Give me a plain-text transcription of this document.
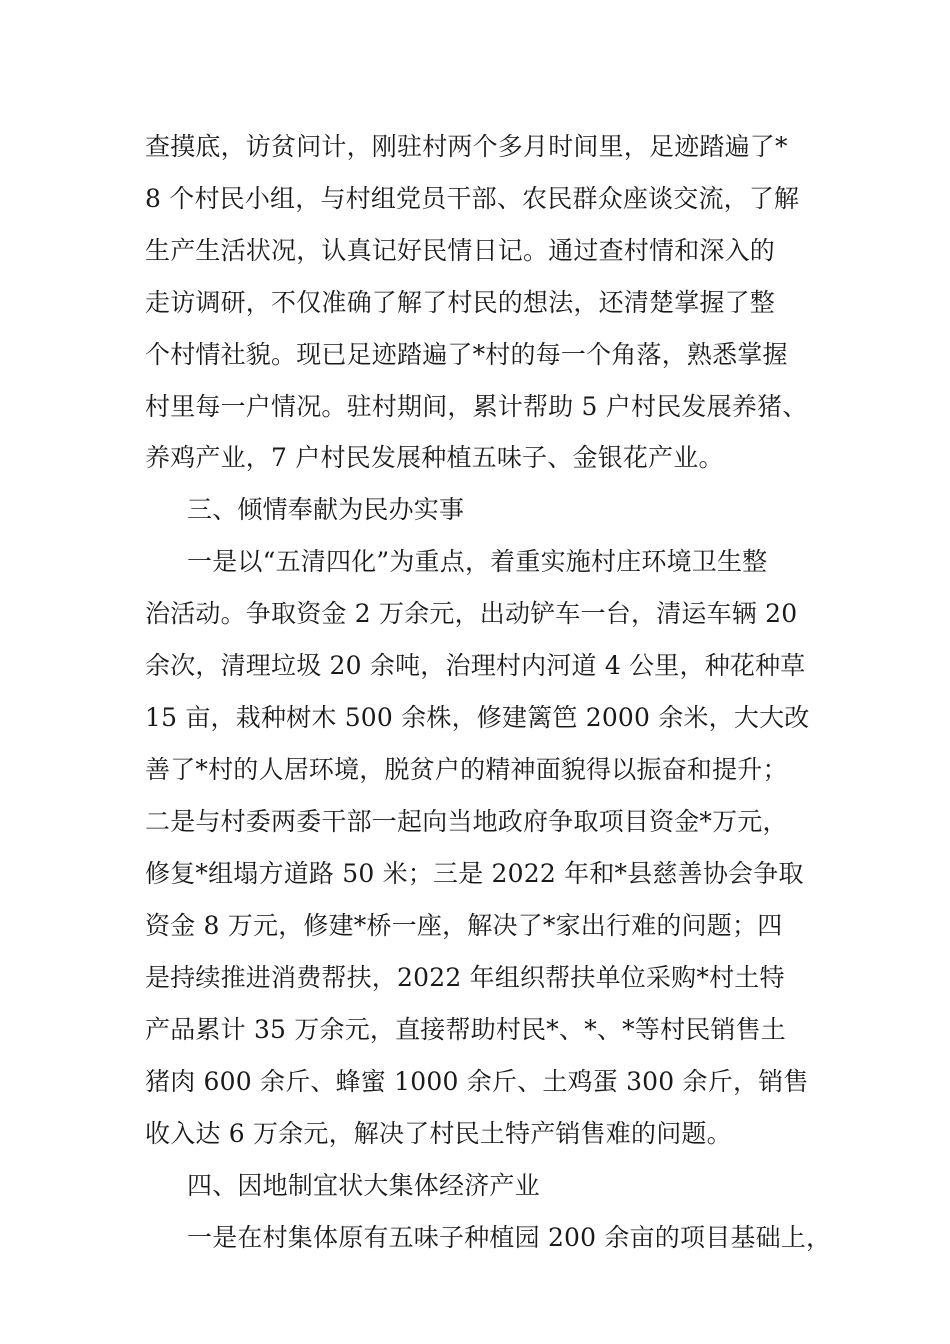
查摸底，访贫问计，刚驻村两个多月时间里，足迹踏遍了*
8 个村民小组，与村组党员干部、农民群众座谈交流，了解
生产生活状况，认真记好民情日记。通过查村情和深入的
走访调研，不仅准确了解了村民的想法，还清楚掌握了整
个村情社貌。现已足迹踏遍了*村的每一个角落，熟悉掌握
村里每一户情况。驻村期间，累计帮助 5 户村民发展养猪、
养鸡产业，7 户村民发展种植五味子、金银花产业。
三、倾情奉献为民办实事
一是以“五清四化”为重点，着重实施村庄环境卫生整
治活动。争取资金 2 万余元，出动铲车一台，清运车辆 20
余次，清理垃圾 20 余吨，治理村内河道 4 公里，种花种草
15 亩，栽种树木 500 余株，修建篱笆 2000 余米，大大改
善了*村的人居环境，脱贫户的精神面貌得以振奋和提升；
二是与村委两委干部一起向当地政府争取项目资金*万元，
修复*组塌方道路 50 米；三是 2022 年和*县慈善协会争取
资金 8 万元，修建*桥一座，解决了*家出行难的问题；四
是持续推进消费帮扶，2022 年组织帮扶单位采购*村土特
产品累计 35 万余元，直接帮助村民*、*、*等村民销售土
猪肉 600 余斤、蜂蜜 1000 余斤、土鸡蛋 300 余斤，销售
收入达 6 万余元，解决了村民土特产销售难的问题。
四、因地制宜状大集体经济产业
一是在村集体原有五味子种植园 200 余亩的项目基础上，
